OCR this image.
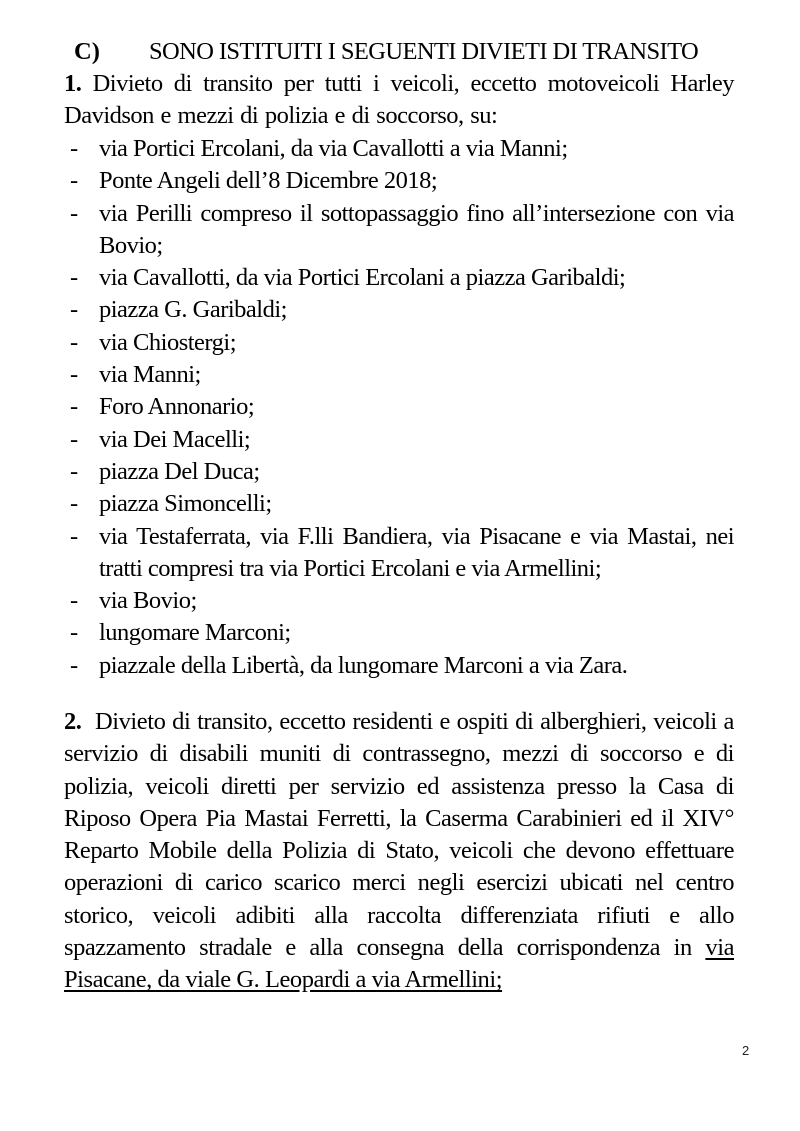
C) SONO ISTITUITI I SEGUENTI DIVIETI DI TRANSITO
1. Divieto di transito per tutti i veicoli, eccetto motoveicoli Harley
Davidson e mezzi di polizia e di soccorso, su:
- via Portici Ercolani, da via Cavallotti a via Manni;
- Ponte Angeli dell’8 Dicembre 2018;
- via Perilli compreso il sottopassaggio fino all’intersezione con via Bovio;
- via Cavallotti, da via Portici Ercolani a piazza Garibaldi;
- piazza G. Garibaldi;
- via Chiostergi;
- via Manni;
- Foro Annonario;
- via Dei Macelli;
- piazza Del Duca;
- piazza Simoncelli;
- via Testaferrata, via F.lli Bandiera, via Pisacane e via Mastai, nei tratti compresi tra via Portici Ercolani e via Armellini;
- via Bovio;
- lungomare Marconi;
- piazzale della Libertà, da lungomare Marconi a via Zara.
2. Divieto di transito, eccetto residenti e ospiti di alberghieri, veicoli a servizio di disabili muniti di contrassegno, mezzi di soccorso e di polizia, veicoli diretti per servizio ed assistenza presso la Casa di Riposo Opera Pia Mastai Ferretti, la Caserma Carabinieri ed il XIV° Reparto Mobile della Polizia di Stato, veicoli che devono effettuare operazioni di carico scarico merci negli esercizi ubicati nel centro storico, veicoli adibiti alla raccolta differenziata rifiuti e allo spazzamento stradale e alla consegna della corrispondenza in via Pisacane, da viale G. Leopardi a via Armellini;
2
